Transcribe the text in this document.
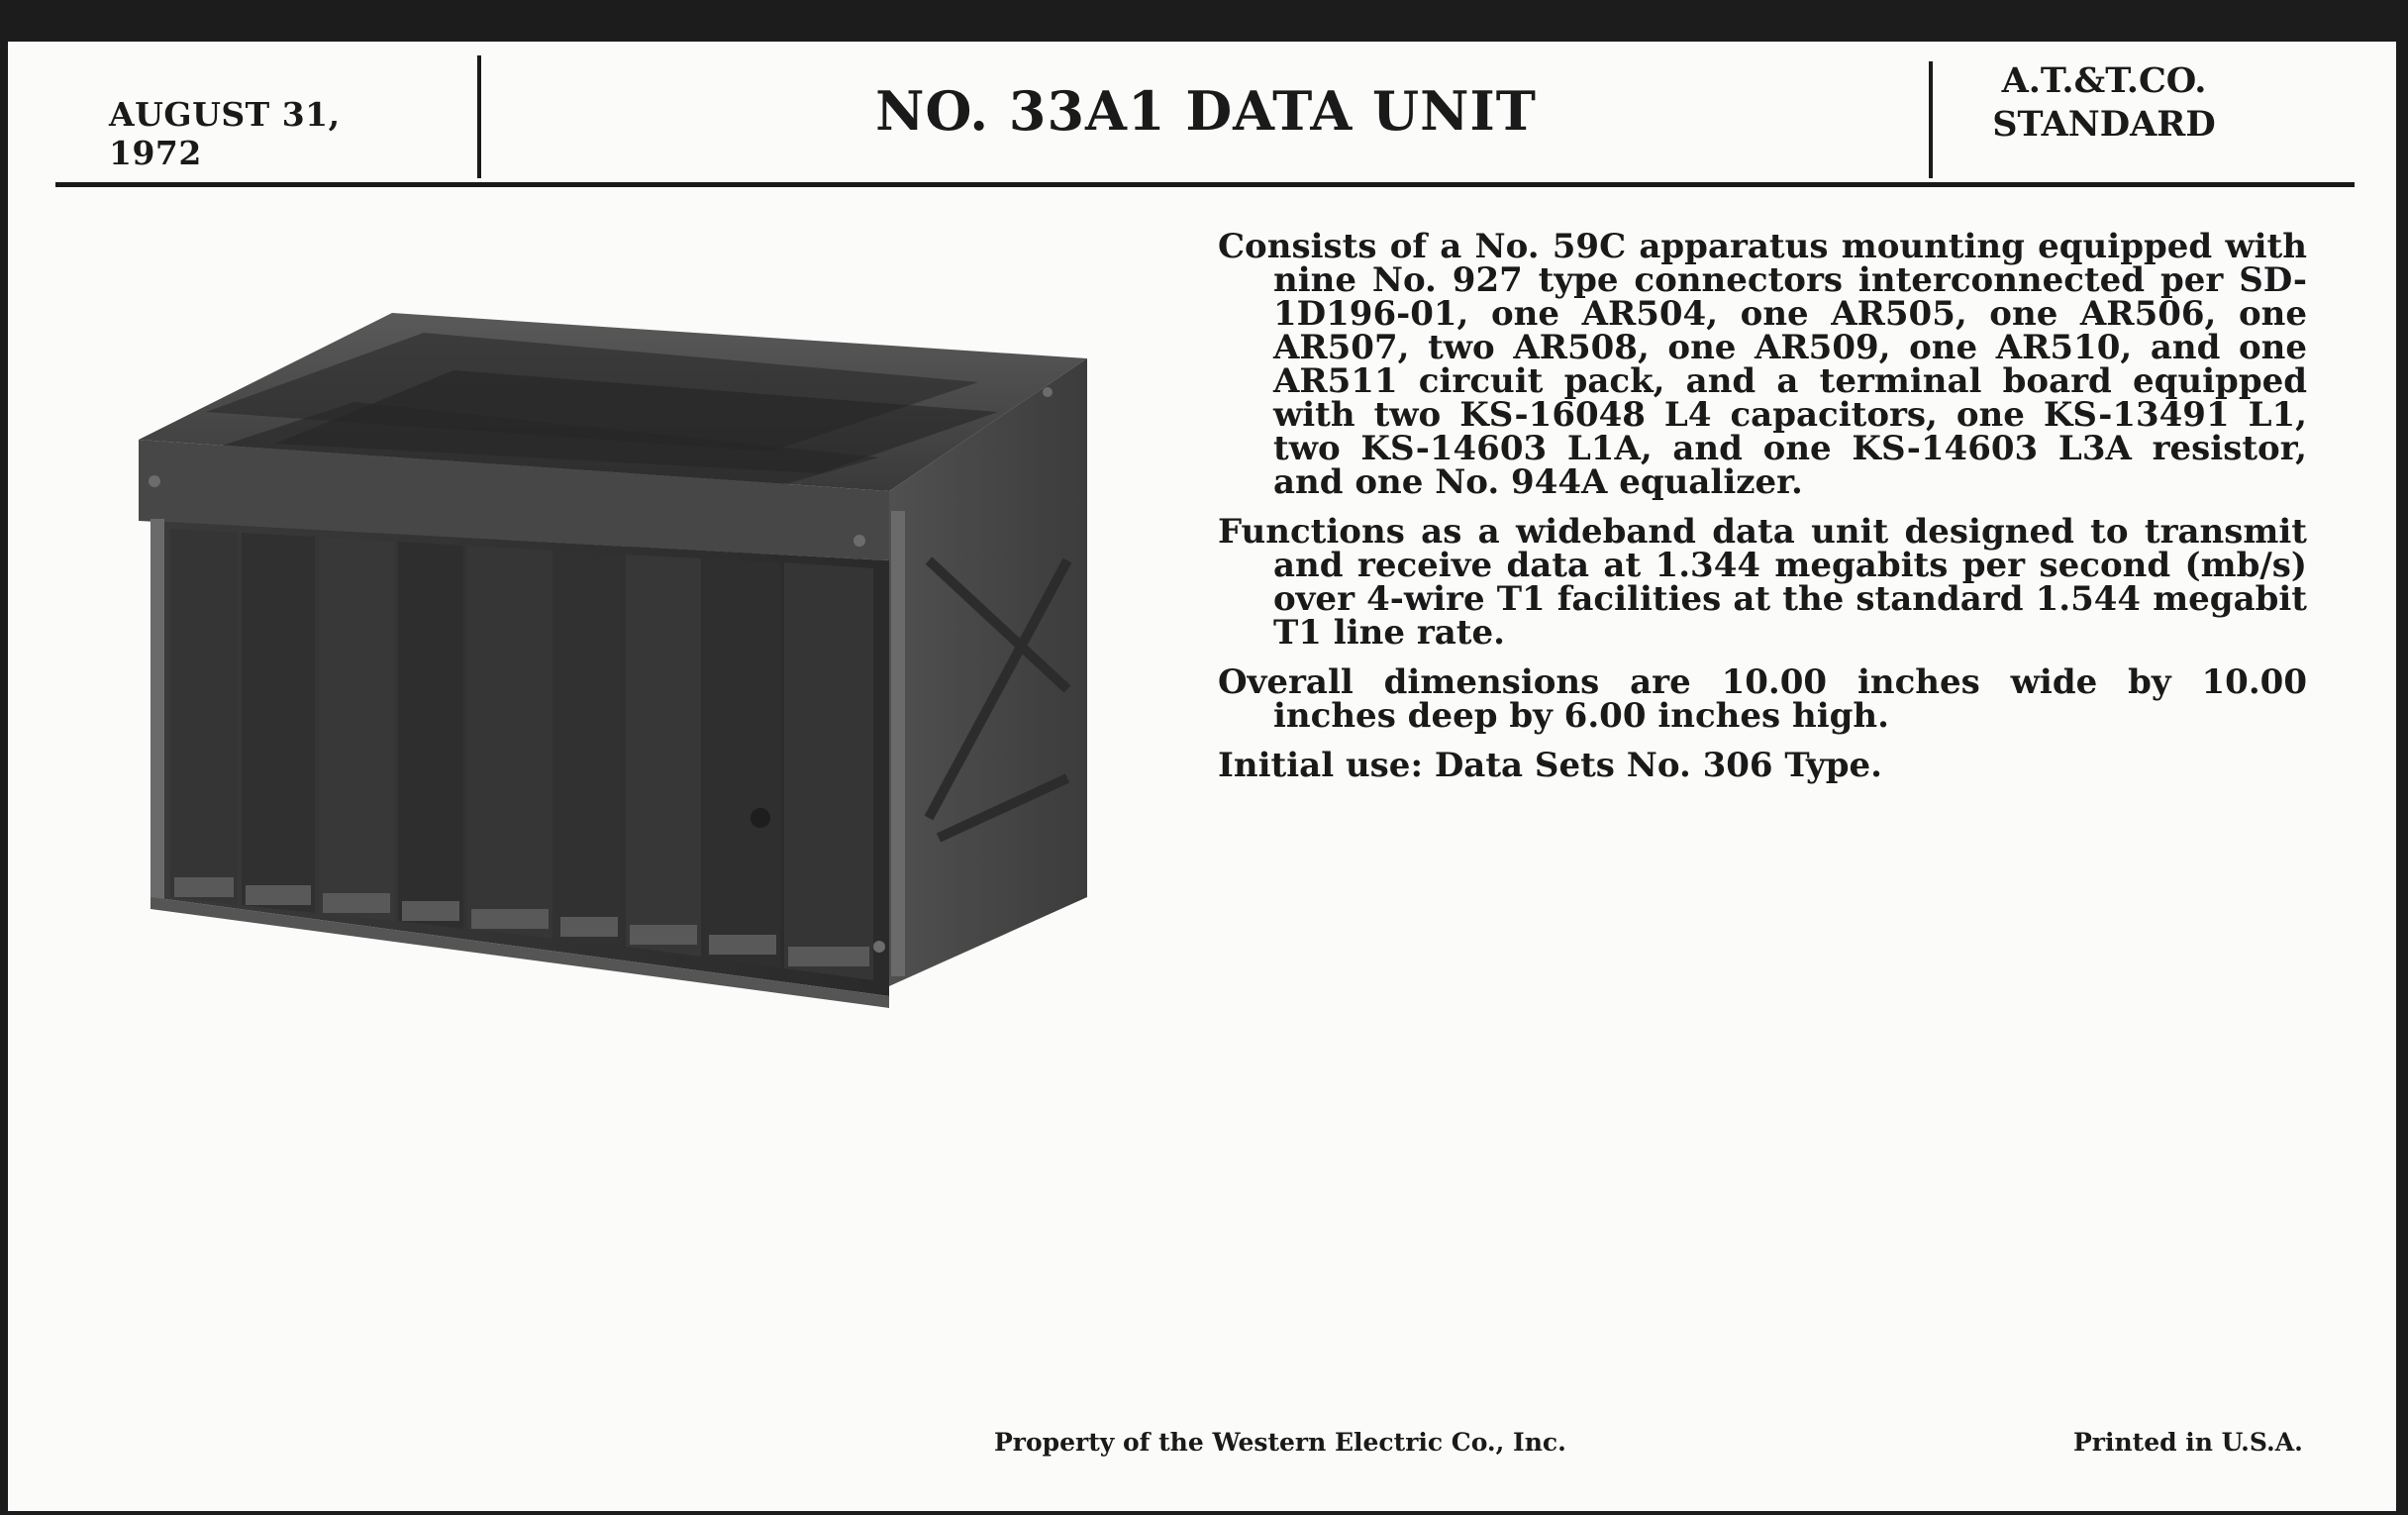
AUGUST 31, 1972
NO. 33A1 DATA UNIT	A.T.&T.CO.
STANDARD

Consists of a No. 59C apparatus mounting equipped with nine No. 927 type connectors interconnected per SD-1D196-01, one AR504, one AR505, one AR506, one AR507, two AR508, one AR509, one AR510, and one AR511 circuit pack, and a terminal board equipped with two KS-16048 L4 capacitors, one KS-13491 L1, two KS-14603 L1A, and one KS-14603 L3A resistor, and one No. 944A equalizer.

Functions as a wideband data unit designed to transmit and receive data at 1.344 megabits per second (mb/s) over 4-wire T1 facilities at the standard 1.544 megabit T1 line rate.

Overall dimensions are 10.00 inches wide by 10.00 inches deep by 6.00 inches high.

Initial use: Data Sets No. 306 Type.

Property of the Western Electric Co., Inc.	Printed in U.S.A.
